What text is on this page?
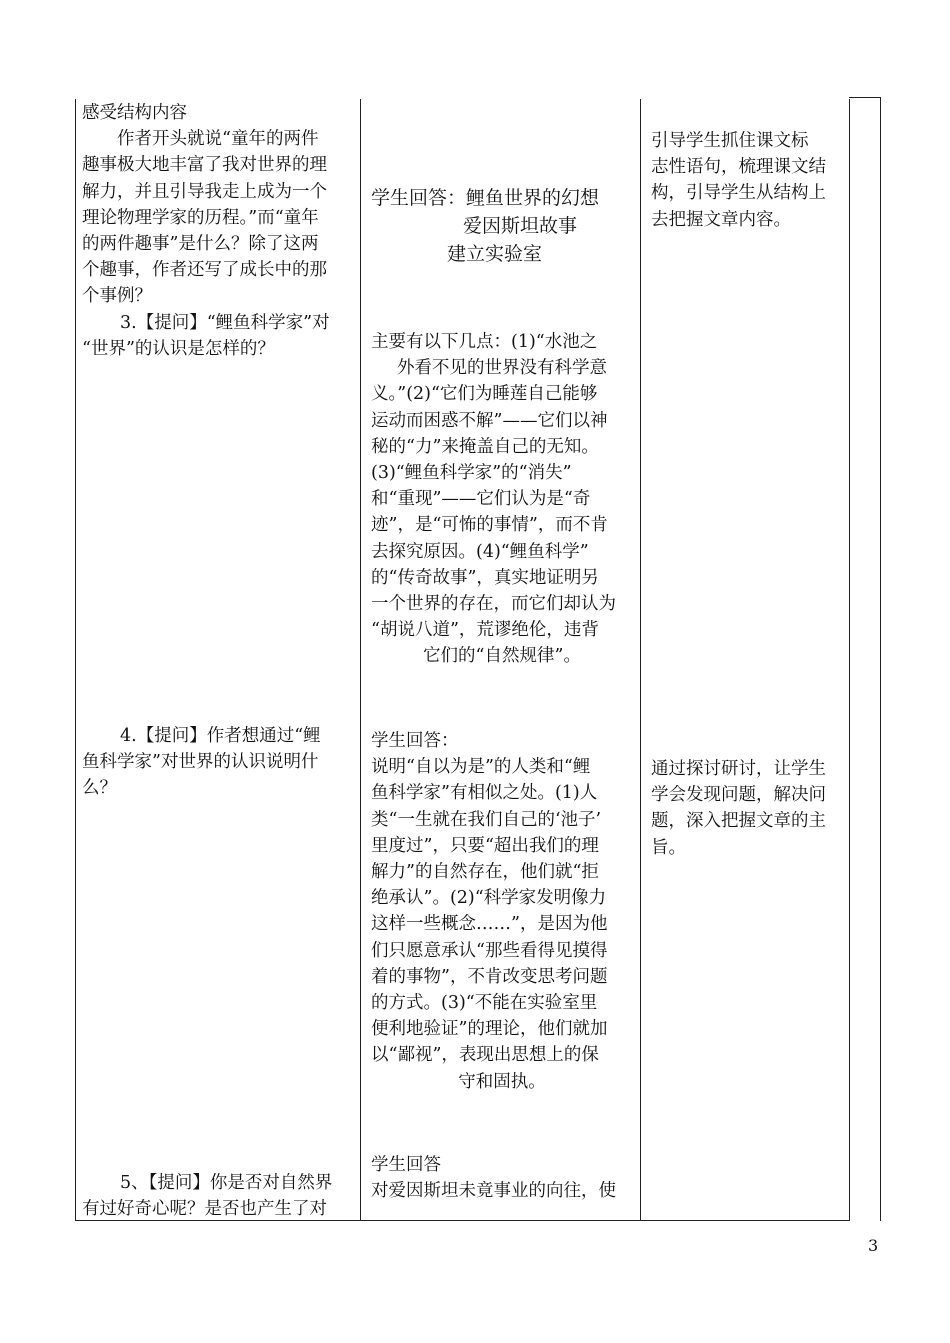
感受结构内容

作者开头就说“童年的两件

趣事极大地丰富了我对世界的理

解力，并且引导我走上成为一个

理论物理学家的历程。”而“童年

的两件趣事”是什么？除了这两

个趣事，作者还写了成长中的那

个事例？

3.【提问】“鲤鱼科学家”对

“世界”的认识是怎样的？

4.【提问】作者想通过“鲤

鱼科学家”对世界的认识说明什

么？

5、【提问】你是否对自然界

有过好奇心呢？是否也产生了对

学生回答：鲤鱼世界的幻想

爱因斯坦故事

建立实验室

主要有以下几点：(1)“水池之

外看不见的世界没有科学意

义。”(2)“它们为睡莲自己能够

运动而困惑不解”——它们以神

秘的“力”来掩盖自己的无知。

(3)“鲤鱼科学家”的“消失”

和“重现”——它们认为是“奇

迹”，是“可怖的事情”，而不肯

去探究原因。(4)“鲤鱼科学”

的“传奇故事”，真实地证明另

一个世界的存在，而它们却认为

“胡说八道”，荒谬绝伦，违背

它们的“自然规律”。

学生回答：

说明“自以为是”的人类和“鲤

鱼科学家”有相似之处。(1)人

类“一生就在我们自己的‘池子’

里度过”，只要“超出我们的理

解力”的自然存在，他们就“拒

绝承认”。(2)“科学家发明像力

这样一些概念……”，是因为他

们只愿意承认“那些看得见摸得

着的事物”，不肯改变思考问题

的方式。(3)“不能在实验室里

便利地验证”的理论，他们就加

以“鄙视”，表现出思想上的保

守和固执。

学生回答

对爱因斯坦未竟事业的向往，使

引导学生抓住课文标

志性语句，梳理课文结

构，引导学生从结构上

去把握文章内容。

通过探讨研讨，让学生

学会发现问题，解决问

题，深入把握文章的主

旨。

3
